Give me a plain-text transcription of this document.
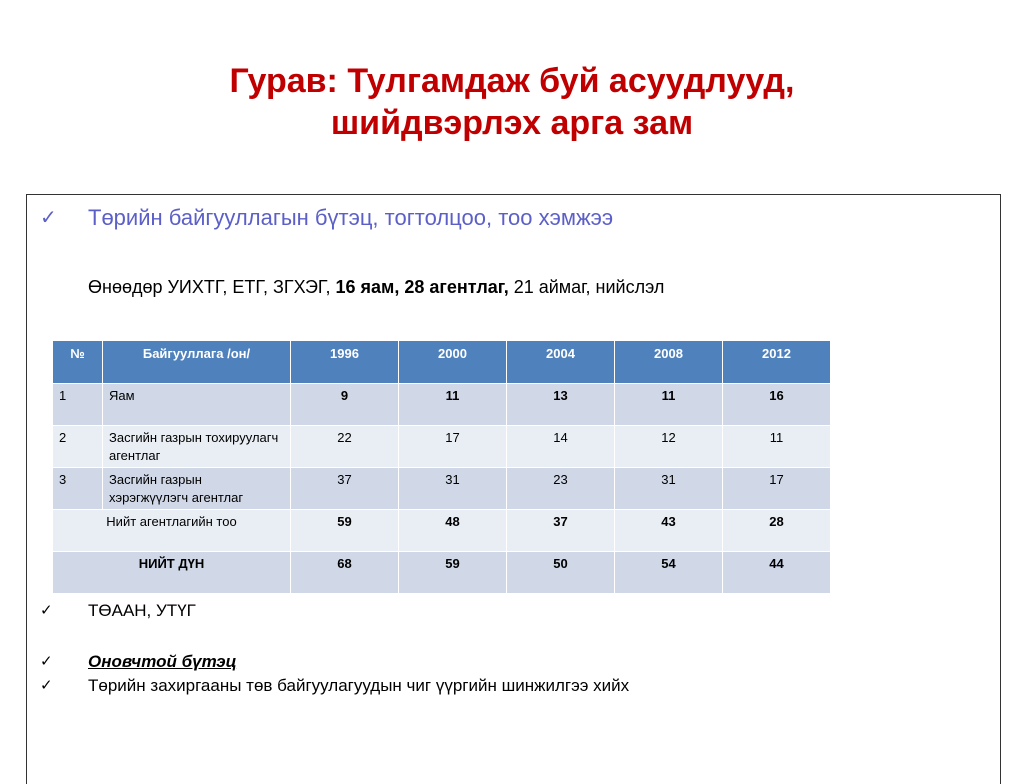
Гурав: Тулгамдаж буй асуудлууд,
шийдвэрлэх арга зам
✓ Төрийн байгууллагын бүтэц, тогтолцоо, тоо хэмжээ
Өнөөдөр УИХТГ, ЕТГ, ЗГХЭГ, 16 яам, 28 агентлаг, 21 аймаг, нийслэл
№	Байгууллага /он/	1996	2000	2004	2008	2012
1	Яам	9	11	13	11	16
2	Засгийн газрын тохируулагч агентлаг	22	17	14	12	11
3	Засгийн газрын хэрэгжүүлэгч агентлаг	37	31	23	31	17
Нийт агентлагийн тоо		59	48	37	43	28
НИЙТ ДҮН		68	59	50	54	44
✓ ТӨААН, УТҮГ
✓ Оновчтой бүтэц
✓ Төрийн захиргааны төв байгуулагуудын чиг үүргийн шинжилгээ хийх
